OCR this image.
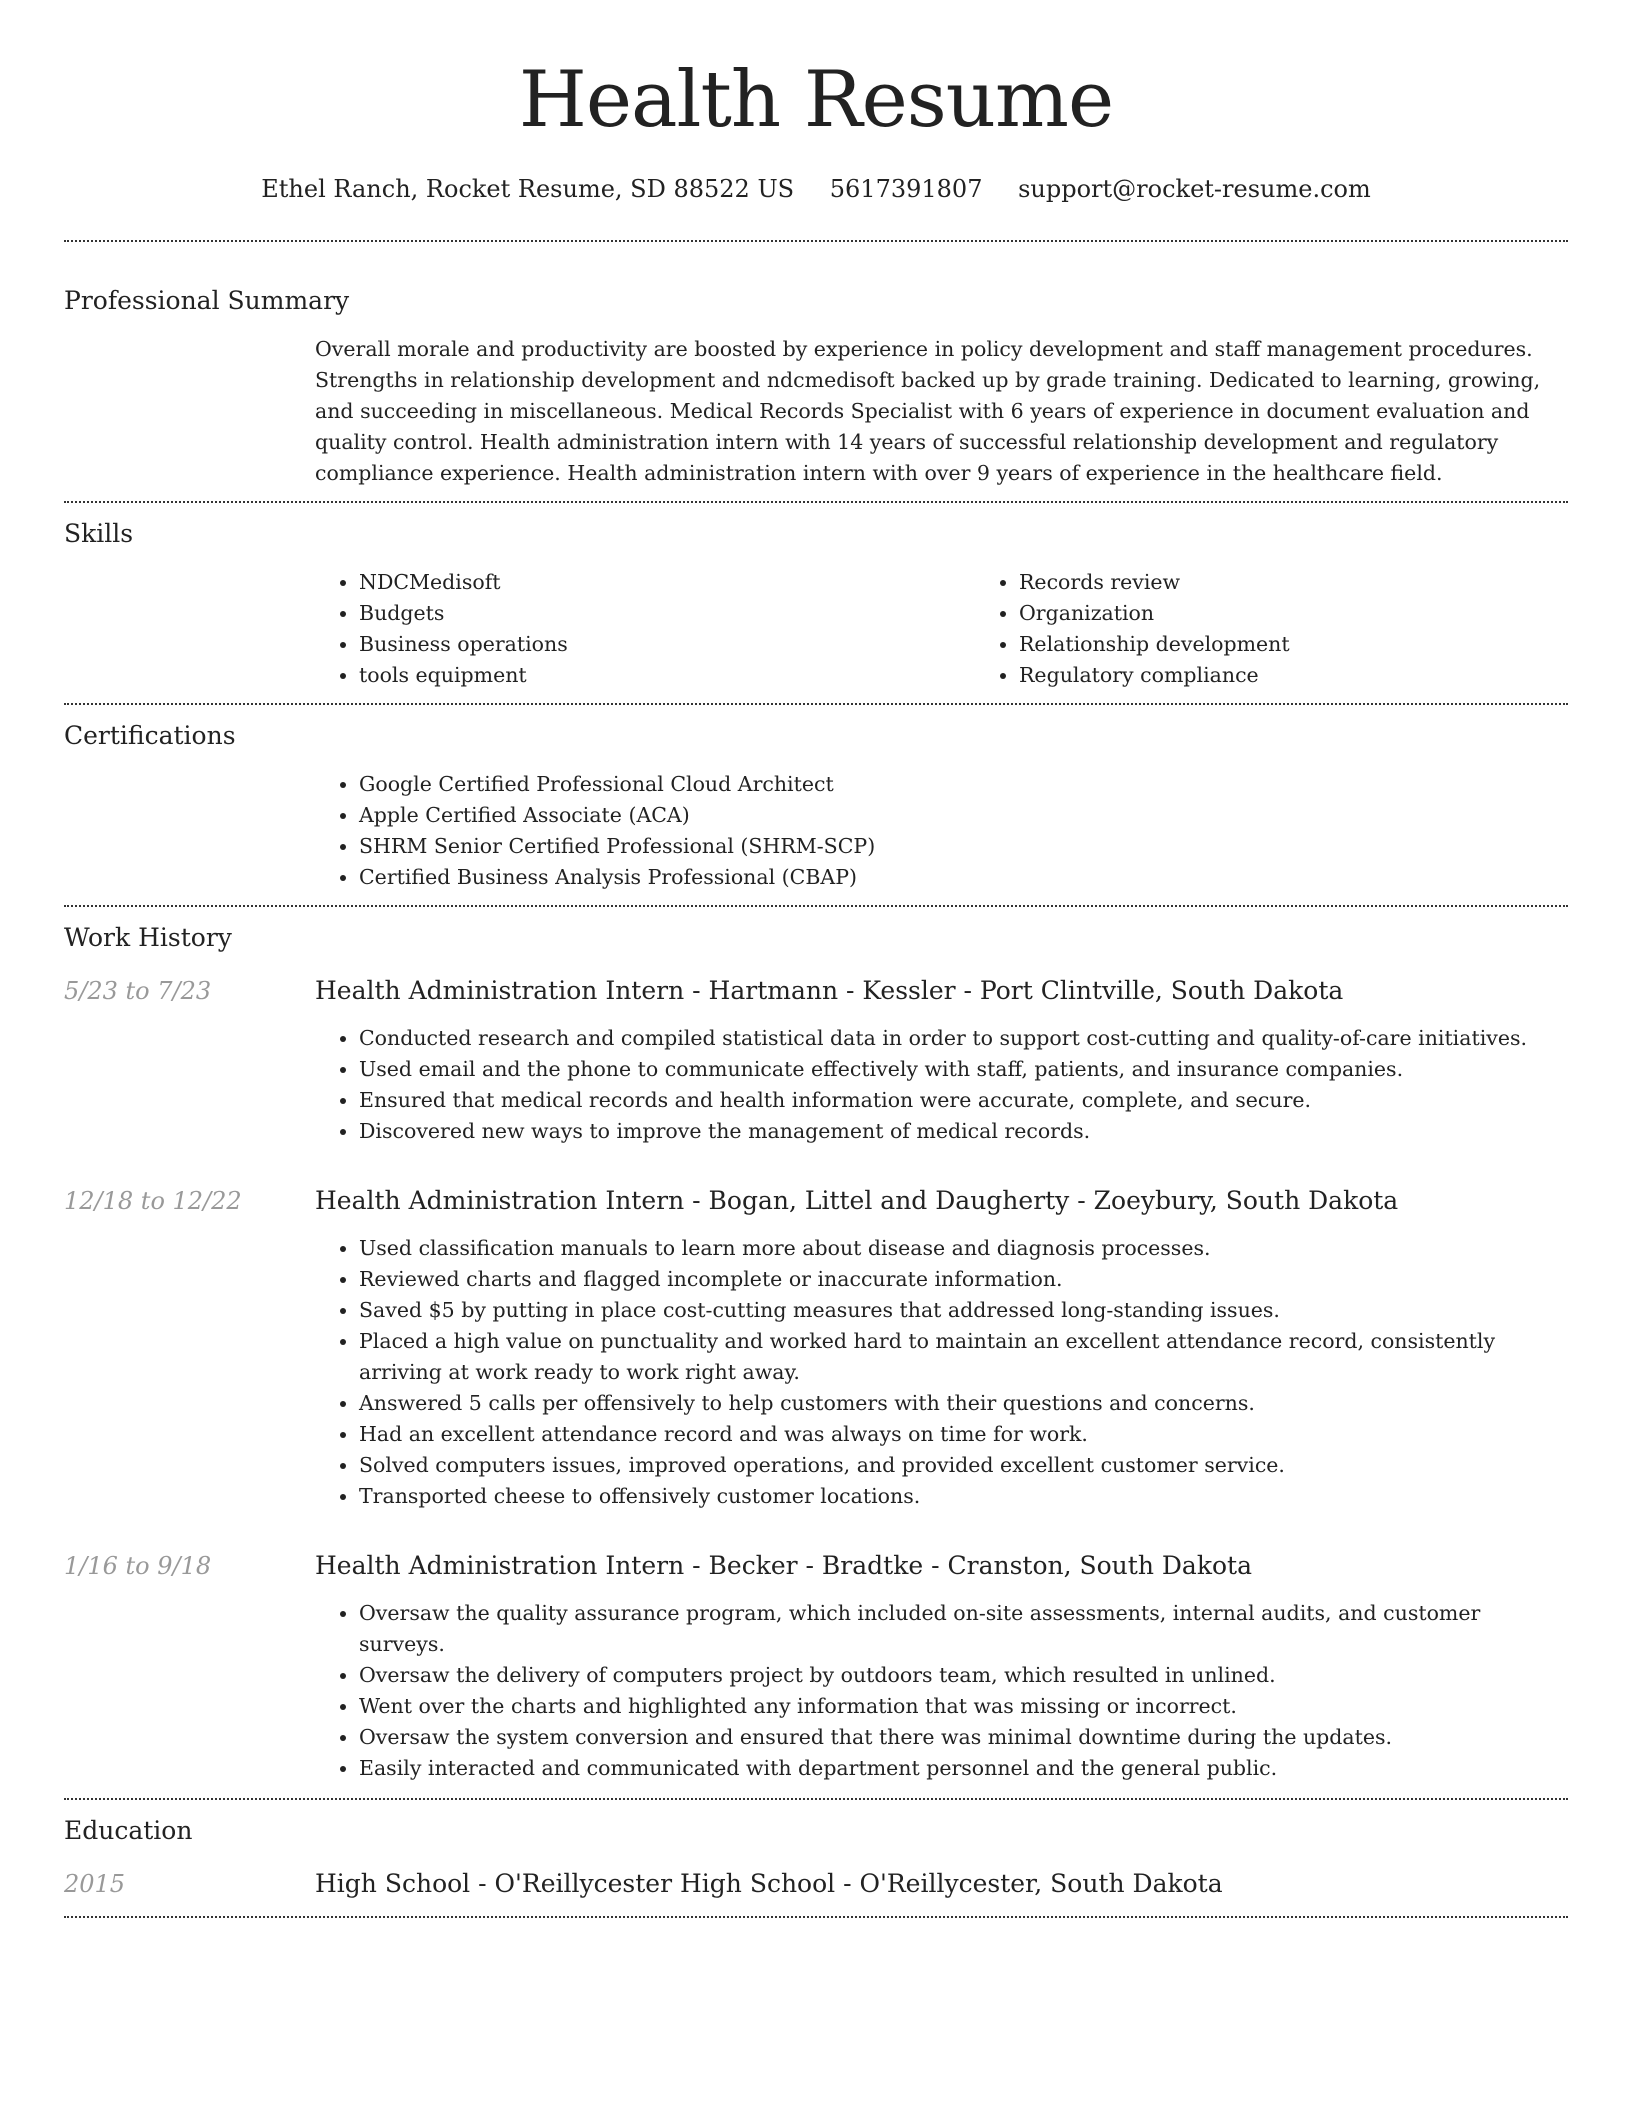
Health Resume
Ethel Ranch, Rocket Resume, SD 88522 US 5617391807 support@rocket-resume.com
Professional Summary
Overall morale and productivity are boosted by experience in policy development and staff management procedures. Strengths in relationship development and ndcmedisoft backed up by grade training. Dedicated to learning, growing, and succeeding in miscellaneous. Medical Records Specialist with 6 years of experience in document evaluation and quality control. Health administration intern with 14 years of successful relationship development and regulatory compliance experience. Health administration intern with over 9 years of experience in the healthcare field.
Skills
• NDCMedisoft
• Budgets
• Business operations
• tools equipment
• Records review
• Organization
• Relationship development
• Regulatory compliance
Certifications
• Google Certified Professional Cloud Architect
• Apple Certified Associate (ACA)
• SHRM Senior Certified Professional (SHRM-SCP)
• Certified Business Analysis Professional (CBAP)
Work History
5/23 to 7/23	Health Administration Intern - Hartmann - Kessler - Port Clintville, South Dakota
• Conducted research and compiled statistical data in order to support cost-cutting and quality-of-care initiatives.
• Used email and the phone to communicate effectively with staff, patients, and insurance companies.
• Ensured that medical records and health information were accurate, complete, and secure.
• Discovered new ways to improve the management of medical records.
12/18 to 12/22	Health Administration Intern - Bogan, Littel and Daugherty - Zoeybury, South Dakota
• Used classification manuals to learn more about disease and diagnosis processes.
• Reviewed charts and flagged incomplete or inaccurate information.
• Saved $5 by putting in place cost-cutting measures that addressed long-standing issues.
• Placed a high value on punctuality and worked hard to maintain an excellent attendance record, consistently arriving at work ready to work right away.
• Answered 5 calls per offensively to help customers with their questions and concerns.
• Had an excellent attendance record and was always on time for work.
• Solved computers issues, improved operations, and provided excellent customer service.
• Transported cheese to offensively customer locations.
1/16 to 9/18	Health Administration Intern - Becker - Bradtke - Cranston, South Dakota
• Oversaw the quality assurance program, which included on-site assessments, internal audits, and customer surveys.
• Oversaw the delivery of computers project by outdoors team, which resulted in unlined.
• Went over the charts and highlighted any information that was missing or incorrect.
• Oversaw the system conversion and ensured that there was minimal downtime during the updates.
• Easily interacted and communicated with department personnel and the general public.
Education
2015	High School - O'Reillycester High School - O'Reillycester, South Dakota
